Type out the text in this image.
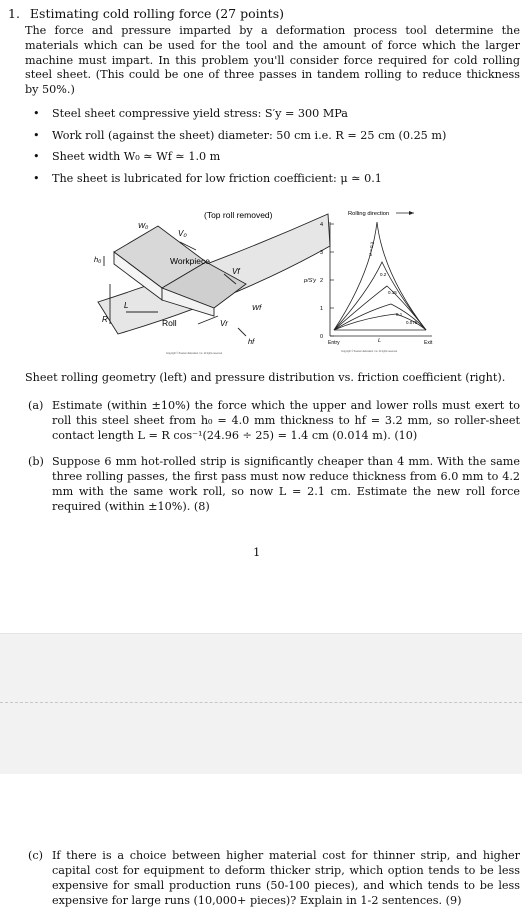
1. Estimating cold rolling force (27 points)
The force and pressure imparted by a deformation process tool determine the materials which can be used for the tool and the amount of force which the larger machine must impart. In this problem you'll consider force required for cold rolling steel sheet. (This could be one of three passes in tandem rolling to reduce thickness by 50%.)
• Steel sheet compressive yield stress: S′y = 300 MPa
• Work roll (against the sheet) diameter: 50 cm i.e. R = 25 cm (0.25 m)
• Sheet width W₀ ≃ Wf ≃ 1.0 m
• The sheet is lubricated for low friction coefficient: μ ≃ 0.1
(Top roll removed)
Workpiece
Roll
W₀
V₀
Vf
Wf
Vr
h₀
hf
R
L
Copyright © Pearson Education, Inc. All rights reserved.
Rolling direction
0
1
2
3
4
p/S′y
μ = 0.3
0.2
0.15
0.1
0.075
Entry	Exit
L
Copyright © Pearson Education, Inc. All rights reserved.
Sheet rolling geometry (left) and pressure distribution vs. friction coefficient (right).
(a) Estimate (within ±10%) the force which the upper and lower rolls must exert to roll this steel sheet from h₀ = 4.0 mm thickness to hf = 3.2 mm, so roller-sheet contact length L = R cos⁻¹(24.96 ÷ 25) = 1.4 cm (0.014 m). (10)
(b) Suppose 6 mm hot-rolled strip is significantly cheaper than 4 mm. With the same three rolling passes, the first pass must now reduce thickness from 6.0 mm to 4.2 mm with the same work roll, so now L = 2.1 cm. Estimate the new roll force required (within ±10%). (8)
1
(c) If there is a choice between higher material cost for thinner strip, and higher capital cost for equipment to deform thicker strip, which option tends to be less expensive for small production runs (50-100 pieces), and which tends to be less expensive for large runs (10,000+ pieces)? Explain in 1-2 sentences. (9)
